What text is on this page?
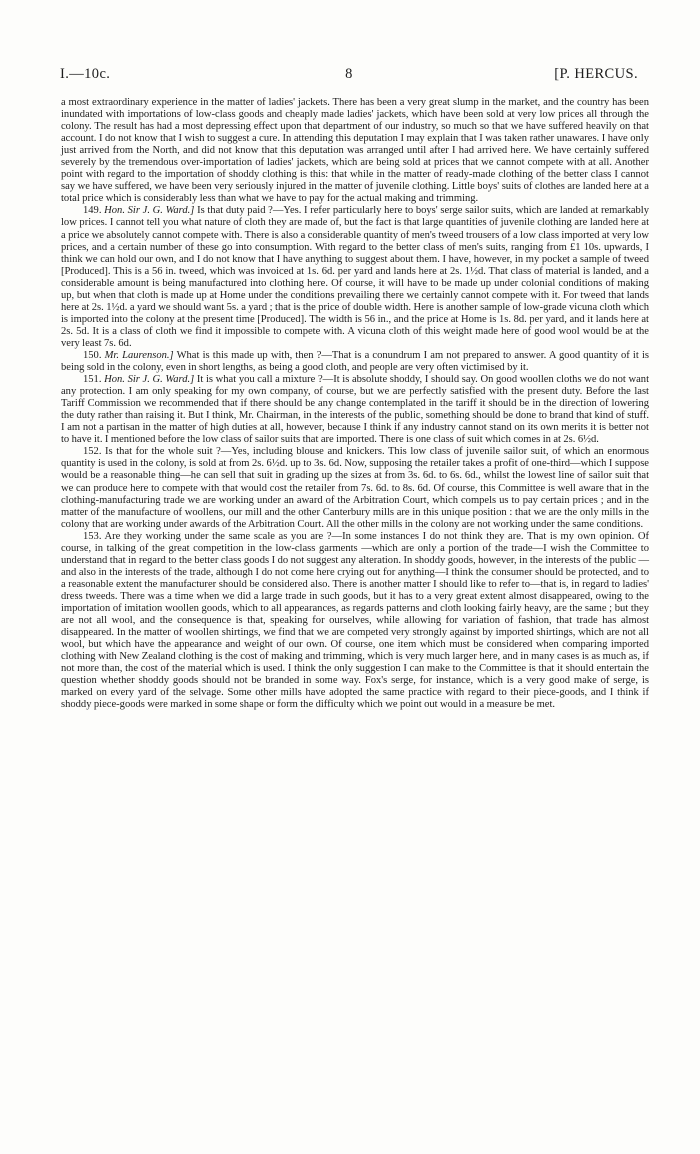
I.—10c.	8	[P. HERCUS.

a most extraordinary experience in the matter of ladies' jackets. There has been a very great slump in the market, and the country has been inundated with importations of low-class goods and cheaply made ladies' jackets, which have been sold at very low prices all through the colony. The result has had a most depressing effect upon that department of our industry, so much so that we have suffered heavily on that account. I do not know that I wish to suggest a cure. In attending this deputation I may explain that I was taken rather unawares. I have only just arrived from the North, and did not know that this deputation was arranged until after I had arrived here. We have certainly suffered severely by the tremendous over-importation of ladies' jackets, which are being sold at prices that we cannot compete with at all. Another point with regard to the importation of shoddy clothing is this: that while in the matter of ready-made clothing of the better class I cannot say we have suffered, we have been very seriously injured in the matter of juvenile clothing. Little boys' suits of clothes are landed here at a total price which is considerably less than what we have to pay for the actual making and trimming.

149. Hon. Sir J. G. Ward.] Is that duty paid ?—Yes. I refer particularly here to boys' serge sailor suits, which are landed at remarkably low prices. I cannot tell you what nature of cloth they are made of, but the fact is that large quantities of juvenile clothing are landed here at a price we absolutely cannot compete with. There is also a considerable quantity of men's tweed trousers of a low class imported at very low prices, and a certain number of these go into consumption. With regard to the better class of men's suits, ranging from £1 10s. upwards, I think we can hold our own, and I do not know that I have anything to suggest about them. I have, however, in my pocket a sample of tweed [Produced]. This is a 56 in. tweed, which was invoiced at 1s. 6d. per yard and lands here at 2s. 1½d. That class of material is landed, and a considerable amount is being manufactured into clothing here. Of course, it will have to be made up under colonial conditions of making up, but when that cloth is made up at Home under the conditions prevailing there we certainly cannot compete with it. For tweed that lands here at 2s. 1½d. a yard we should want 5s. a yard ; that is the price of double width. Here is another sample of low-grade vicuna cloth which is imported into the colony at the present time [Produced]. The width is 56 in., and the price at Home is 1s. 8d. per yard, and it lands here at 2s. 5d. It is a class of cloth we find it impossible to compete with. A vicuna cloth of this weight made here of good wool would be at the very least 7s. 6d.

150. Mr. Laurenson.] What is this made up with, then ?—That is a conundrum I am not prepared to answer. A good quantity of it is being sold in the colony, even in short lengths, as being a good cloth, and people are very often victimised by it.

151. Hon. Sir J. G. Ward.] It is what you call a mixture ?—It is absolute shoddy, I should say. On good woollen cloths we do not want any protection. I am only speaking for my own company, of course, but we are perfectly satisfied with the present duty. Before the last Tariff Commission we recommended that if there should be any change contemplated in the tariff it should be in the direction of lowering the duty rather than raising it. But I think, Mr. Chairman, in the interests of the public, something should be done to brand that kind of stuff. I am not a partisan in the matter of high duties at all, however, because I think if any industry cannot stand on its own merits it is better not to have it. I mentioned before the low class of sailor suits that are imported. There is one class of suit which comes in at 2s. 6½d.

152. Is that for the whole suit ?—Yes, including blouse and knickers. This low class of juvenile sailor suit, of which an enormous quantity is used in the colony, is sold at from 2s. 6½d. up to 3s. 6d. Now, supposing the retailer takes a profit of one-third—which I suppose would be a reasonable thing—he can sell that suit in grading up the sizes at from 3s. 6d. to 6s. 6d., whilst the lowest line of sailor suit that we can produce here to compete with that would cost the retailer from 7s. 6d. to 8s. 6d. Of course, this Committee is well aware that in the clothing-manufacturing trade we are working under an award of the Arbitration Court, which compels us to pay certain prices ; and in the matter of the manufacture of woollens, our mill and the other Canterbury mills are in this unique position : that we are the only mills in the colony that are working under awards of the Arbitration Court. All the other mills in the colony are not working under the same conditions.

153. Are they working under the same scale as you are ?—In some instances I do not think they are. That is my own opinion. Of course, in talking of the great competition in the low-class garments —which are only a portion of the trade—I wish the Committee to understand that in regard to the better class goods I do not suggest any alteration. In shoddy goods, however, in the interests of the public —and also in the interests of the trade, although I do not come here crying out for anything—I think the consumer should be protected, and to a reasonable extent the manufacturer should be considered also. There is another matter I should like to refer to—that is, in regard to ladies' dress tweeds. There was a time when we did a large trade in such goods, but it has to a very great extent almost disappeared, owing to the importation of imitation woollen goods, which to all appearances, as regards patterns and cloth looking fairly heavy, are the same ; but they are not all wool, and the consequence is that, speaking for ourselves, while allowing for variation of fashion, that trade has almost disappeared. In the matter of woollen shirtings, we find that we are competed very strongly against by imported shirtings, which are not all wool, but which have the appearance and weight of our own. Of course, one item which must be considered when comparing imported clothing with New Zealand clothing is the cost of making and trimming, which is very much larger here, and in many cases is as much as, if not more than, the cost of the material which is used. I think the only suggestion I can make to the Committee is that it should entertain the question whether shoddy goods should not be branded in some way. Fox's serge, for instance, which is a very good make of serge, is marked on every yard of the selvage. Some other mills have adopted the same practice with regard to their piece-goods, and I think if shoddy piece-goods were marked in some shape or form the difficulty which we point out would in a measure be met.
